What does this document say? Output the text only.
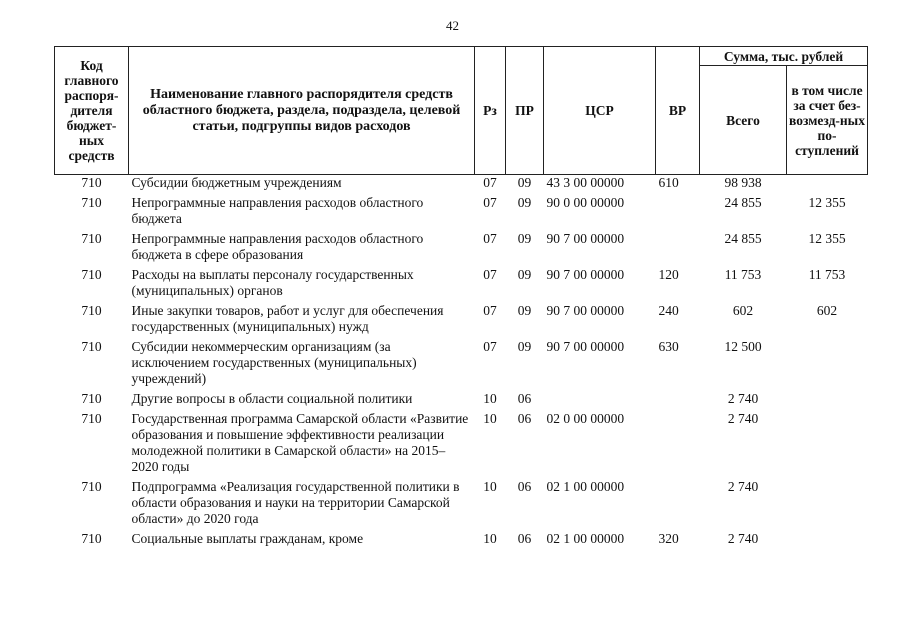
42
Код главного распоря-дителя бюджет-ных средств	Наименование главного распорядителя средств областного бюджета, раздела, подраздела, целевой статьи, подгруппы видов расходов	Рз	ПР	ЦСР	ВР	Сумма, тыс. рублей	
						Всего	в том числе за счет без-возмезд-ных по-ступлений
710	Субсидии бюджетным учреждениям	07	09	43 3 00 00000	610	98 938	
710	Непрограммные направления расходов областного бюджета	07	09	90 0 00 00000		24 855	12 355
710	Непрограммные направления расходов областного бюджета в сфере образования	07	09	90 7 00 00000		24 855	12 355
710	Расходы на выплаты персоналу государственных (муниципальных) органов	07	09	90 7 00 00000	120	11 753	11 753
710	Иные закупки товаров, работ и услуг для обеспечения государственных (муниципальных) нужд	07	09	90 7 00 00000	240	602	602
710	Субсидии некоммерческим организациям (за исключением государственных (муниципальных) учреждений)	07	09	90 7 00 00000	630	12 500	
710	Другие вопросы в области социальной политики	10	06			2 740	
710	Государственная программа Самарской области «Развитие образования и повышение эффективности реализации молодежной политики в Самарской области» на 2015–2020 годы	10	06	02 0 00 00000		2 740	
710	Подпрограмма «Реализация государственной политики в области образования и науки на территории Самарской области» до 2020 года	10	06	02 1 00 00000		2 740	
710	Социальные выплаты гражданам, кроме	10	06	02 1 00 00000	320	2 740	
